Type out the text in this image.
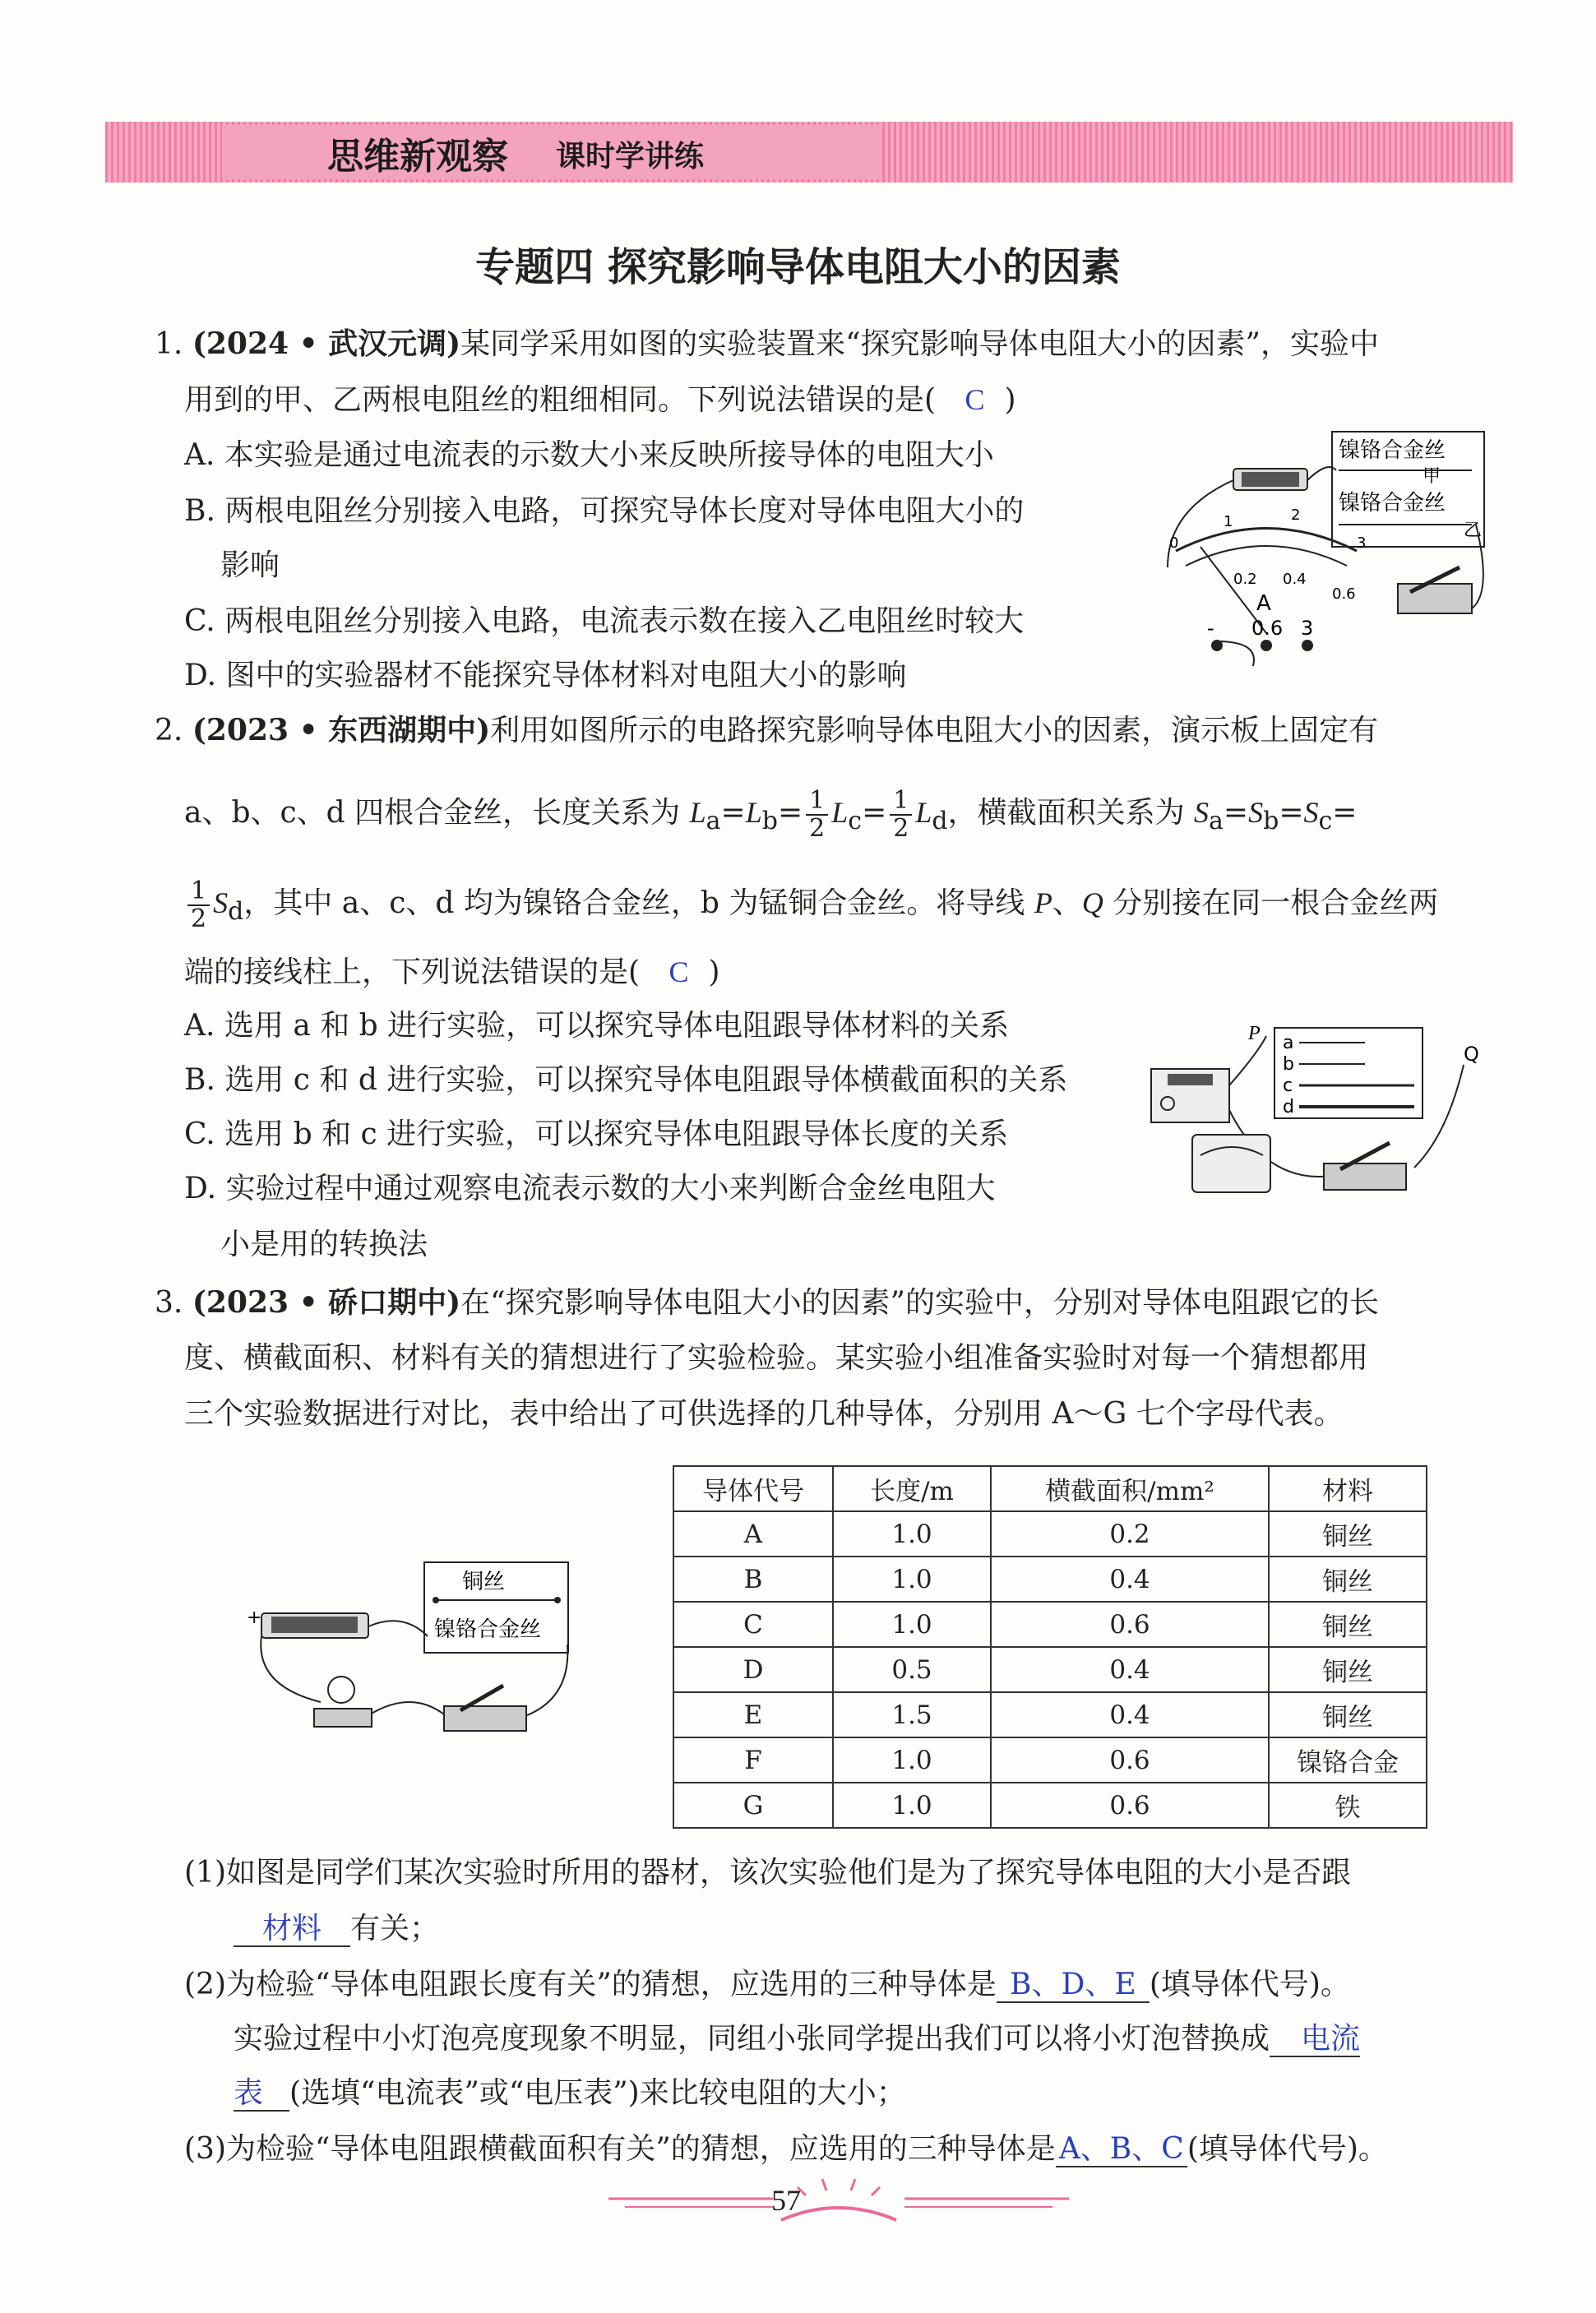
思维新观察 课时学讲练
专题四 探究影响导体电阻大小的因素
1. (2024 • 武汉元调)某同学采用如图的实验装置来“探究影响导体电阻大小的因素”，实验中
用到的甲、乙两根电阻丝的粗细相同。下列说法错误的是( C )
A. 本实验是通过电流表的示数大小来反映所接导体的电阻大小
B. 两根电阻丝分别接入电路，可探究导体长度对导体电阻大小的
影响
C. 两根电阻丝分别接入电路，电流表示数在接入乙电阻丝时较大
D. 图中的实验器材不能探究导体材料对电阻大小的影响
镍铬合金丝
甲
镍铬合金丝
乙
0
1	2
3
0.2 0.4
0.6
A
- 0.6 3
2. (2023 • 东西湖期中)利用如图所示的电路探究影响导体电阻大小的因素，演示板上固定有
a、b、c、d 四根合金丝，长度关系为 $L_a=L_b= \frac{1}{2} L_c= \frac{1}{2} L_d$，横截面积关系为 $S_a=S_b=S_c=$
$\frac{1}{2} S_d$，其中 a、c、d 均为镍铬合金丝，b 为锰铜合金丝。将导线 P、Q 分别接在同一根合金丝两
端的接线柱上，下列说法错误的是( C )
A. 选用 a 和 b 进行实验，可以探究导体电阻跟导体材料的关系
B. 选用 c 和 d 进行实验，可以探究导体电阻跟导体横截面积的关系
C. 选用 b 和 c 进行实验，可以探究导体电阻跟导体长度的关系
D. 实验过程中通过观察电流表示数的大小来判断合金丝电阻大
小是用的转换法
a
b
c
d
P
Q
3. (2023 • 硚口期中)在“探究影响导体电阻大小的因素”的实验中，分别对导体电阻跟它的长
度、横截面积、材料有关的猜想进行了实验检验。某实验小组准备实验时对每一个猜想都用
三个实验数据进行对比，表中给出了可供选择的几种导体，分别用 A～G 七个字母代表。
铜丝
镍铬合金丝
+
导体代号	长度/m	横截面积/mm²	材料
A	1.0	0.2	铜丝
B	1.0	0.4	铜丝
C	1.0	0.6	铜丝
D	0.5	0.4	铜丝
E	1.5	0.4	铜丝
F	1.0	0.6	镍铬合金
G	1.0	0.6	铁
(1)如图是同学们某次实验时所用的器材，该次实验他们是为了探究导体电阻的大小是否跟
材料 有关；
(2)为检验“导体电阻跟长度有关”的猜想，应选用的三种导体是 B、D、E (填导体代号)。
实验过程中小灯泡亮度现象不明显，同组小张同学提出我们可以将小灯泡替换成 电流
表 (选填“电流表”或“电压表”)来比较电阻的大小；
(3)为检验“导体电阻跟横截面积有关”的猜想，应选用的三种导体是 A、B、C (填导体代号)。
57
